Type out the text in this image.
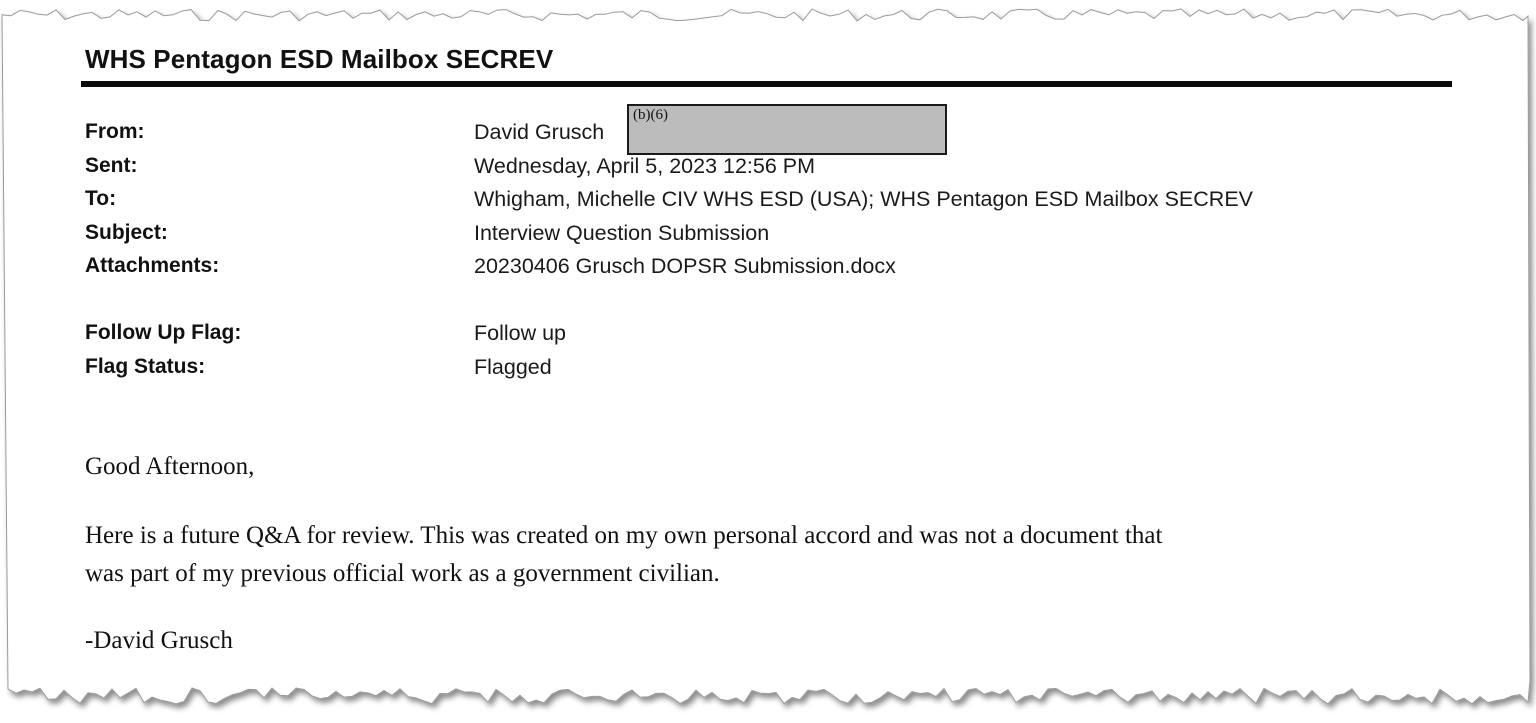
WHS Pentagon ESD Mailbox SECREV
From:	David Grusch
(b)(6)
Sent:	Wednesday, April 5, 2023 12:56 PM
To:	Whigham, Michelle CIV WHS ESD (USA); WHS Pentagon ESD Mailbox SECREV
Subject:	Interview Question Submission
Attachments:	20230406 Grusch DOPSR Submission.docx
Follow Up Flag:	Follow up
Flag Status:	Flagged
Good Afternoon,
Here is a future Q&A for review. This was created on my own personal accord and was not a document that
was part of my previous official work as a government civilian.
-David Grusch
